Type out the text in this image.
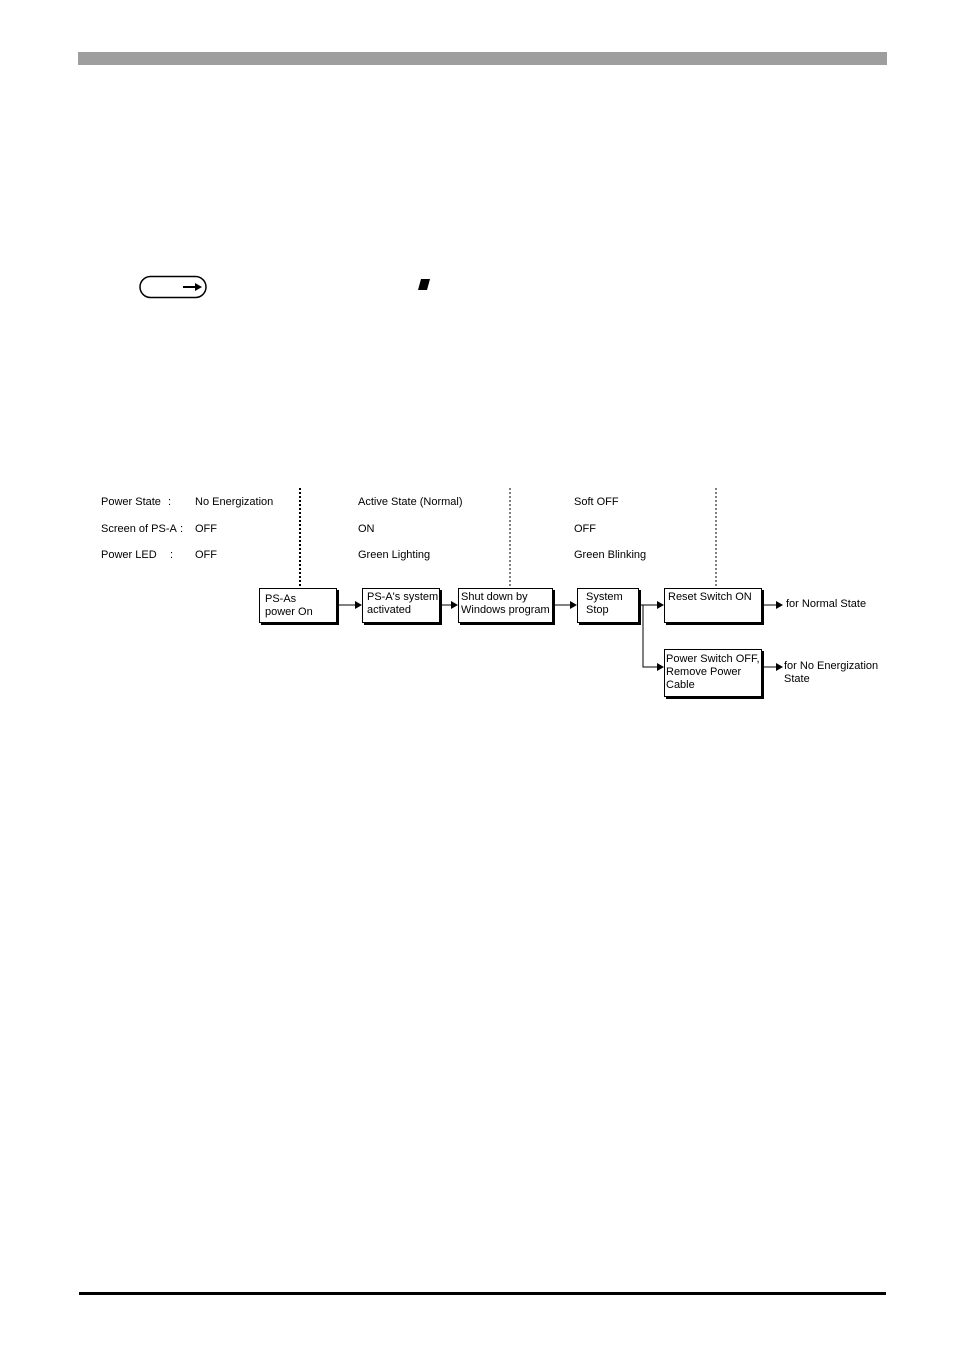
Power State : No Energization	Active State (Normal)	Soft OFF
Screen of PS-A : OFF	ON	OFF
Power LED : OFF	Green Lighting	Green Blinking
PS-As
power On
PS-A's system
activated
Shut down by
Windows program
System
Stop
Reset Switch ON
Power Switch OFF,
Remove Power
Cable
for Normal State
for No Energization
State
